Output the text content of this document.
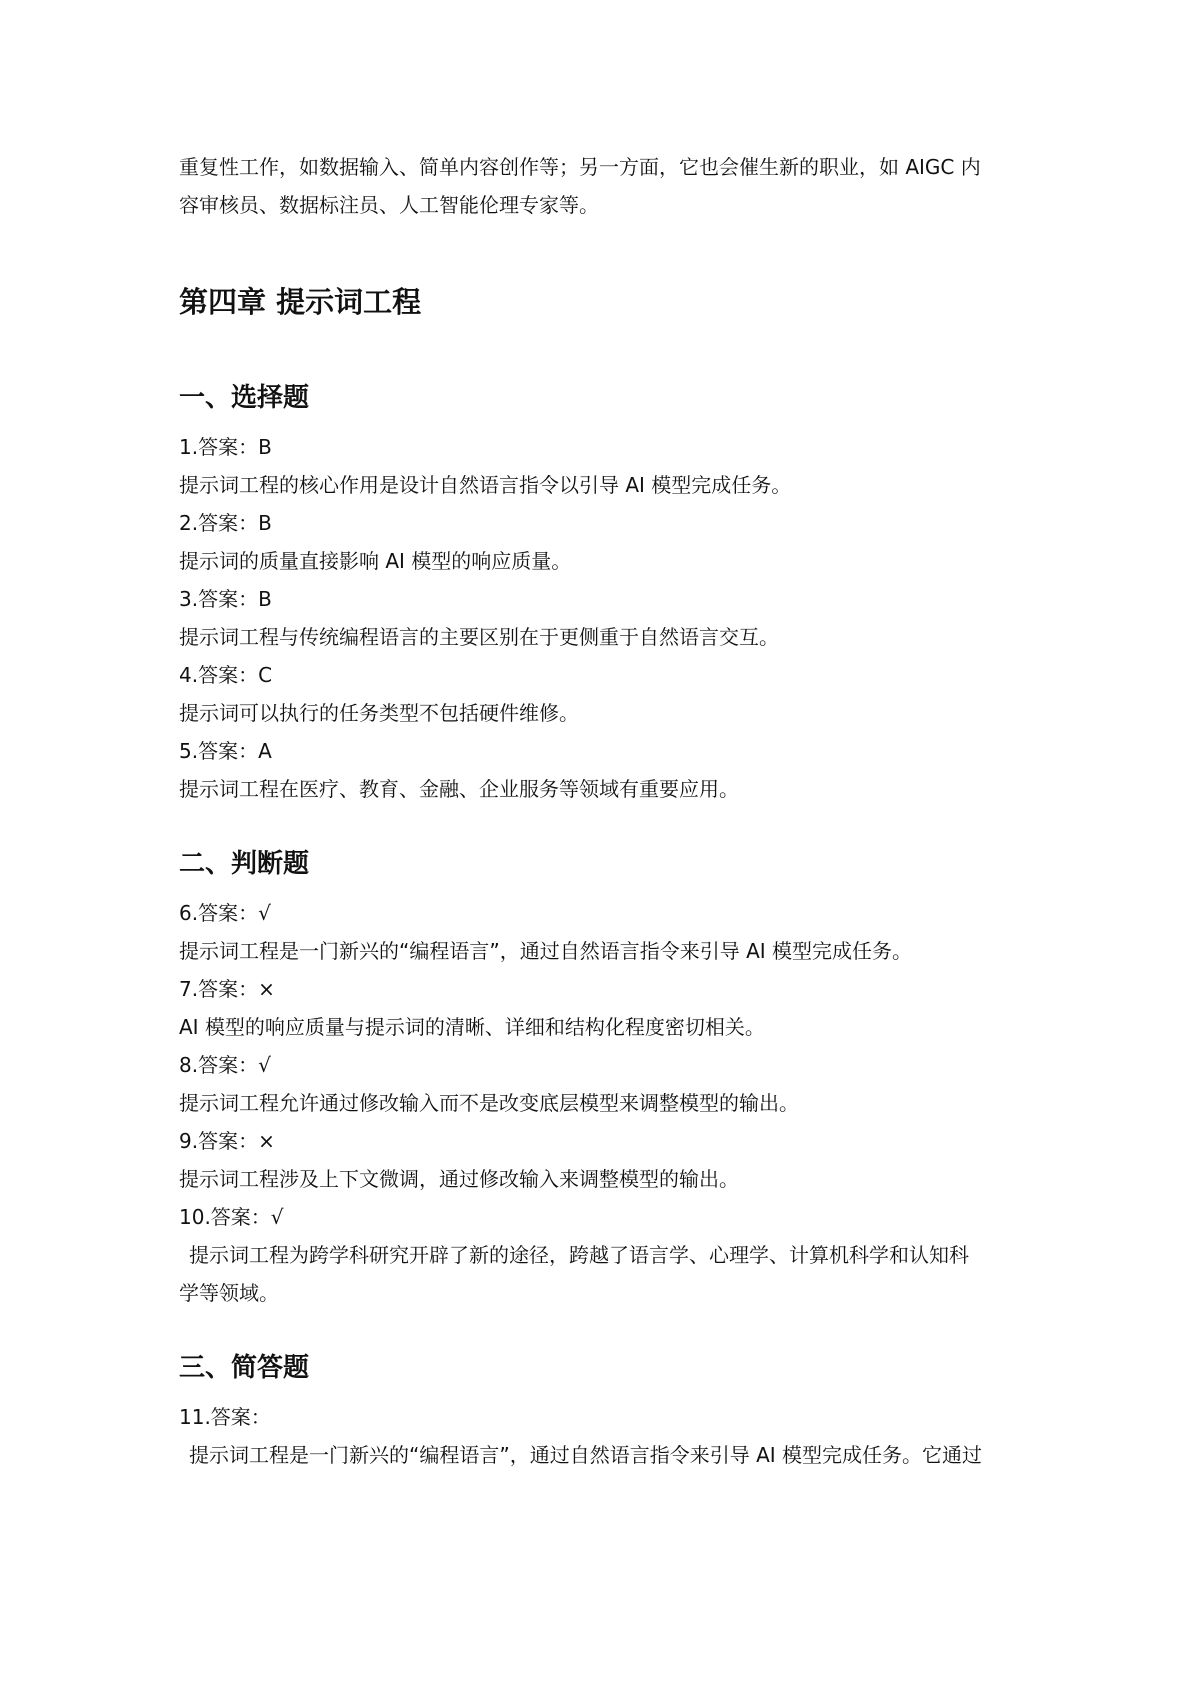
重复性工作，如数据输入、简单内容创作等；另一方面，它也会催生新的职业，如 AIGC 内

容审核员、数据标注员、人工智能伦理专家等。

第四章 提示词工程
一、选择题

1.答案：B

提示词工程的核心作用是设计自然语言指令以引导 AI 模型完成任务。

2.答案：B

提示词的质量直接影响 AI 模型的响应质量。

3.答案：B

提示词工程与传统编程语言的主要区别在于更侧重于自然语言交互。

4.答案：C

提示词可以执行的任务类型不包括硬件维修。

5.答案：A

提示词工程在医疗、教育、金融、企业服务等领域有重要应用。

二、判断题

6.答案：√

提示词工程是一门新兴的“编程语言”，通过自然语言指令来引导 AI 模型完成任务。

7.答案：×

AI 模型的响应质量与提示词的清晰、详细和结构化程度密切相关。

8.答案：√

提示词工程允许通过修改输入而不是改变底层模型来调整模型的输出。

9.答案：×

提示词工程涉及上下文微调，通过修改输入来调整模型的输出。

10.答案：√

提示词工程为跨学科研究开辟了新的途径，跨越了语言学、心理学、计算机科学和认知科

学等领域。

三、简答题

11.答案：

提示词工程是一门新兴的“编程语言”，通过自然语言指令来引导 AI 模型完成任务。它通过
